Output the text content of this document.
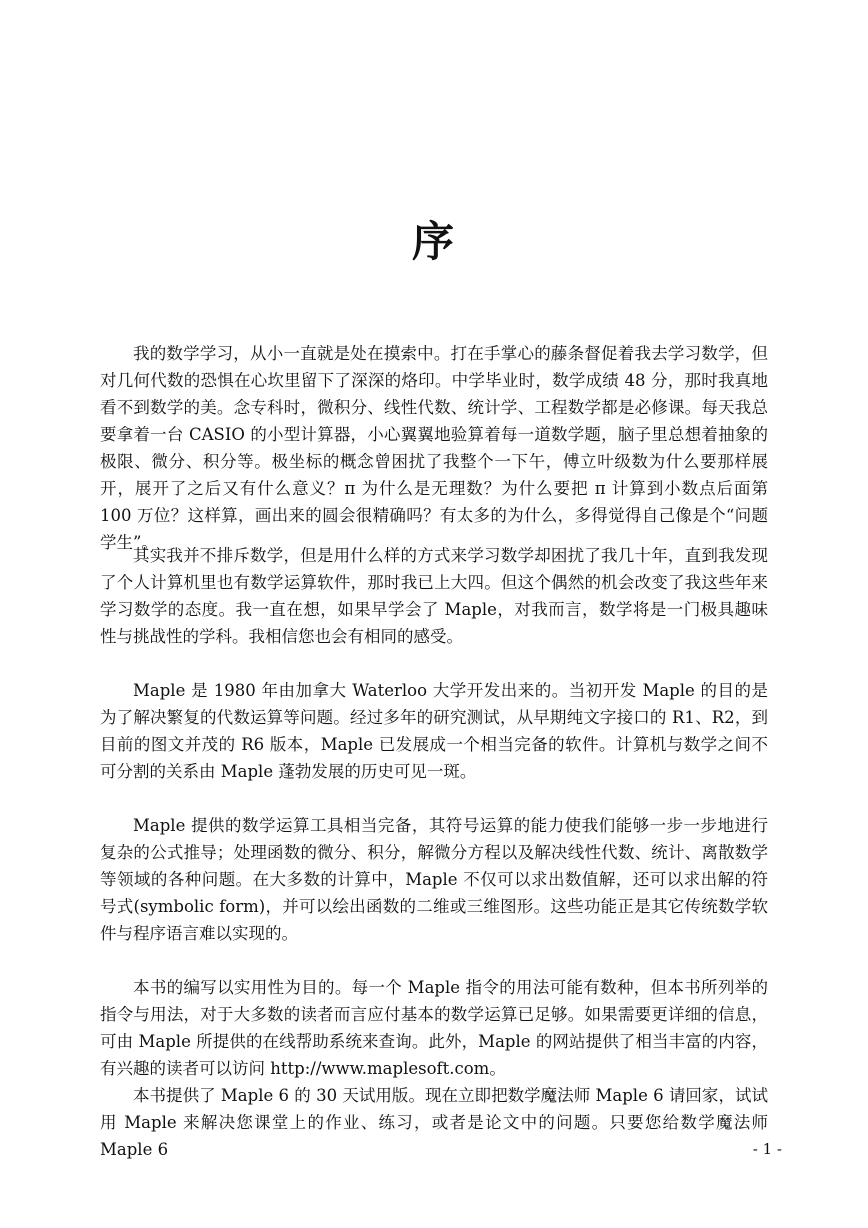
序

我的数学学习，从小一直就是处在摸索中。打在手掌心的藤条督促着我去学习数学，但对几何代数的恐惧在心坎里留下了深深的烙印。中学毕业时，数学成绩 48 分，那时我真地看不到数学的美。念专科时，微积分、线性代数、统计学、工程数学都是必修课。每天我总要拿着一台 CASIO 的小型计算器，小心翼翼地验算着每一道数学题，脑子里总想着抽象的极限、微分、积分等。极坐标的概念曾困扰了我整个一下午，傅立叶级数为什么要那样展开，展开了之后又有什么意义？π 为什么是无理数？为什么要把 π 计算到小数点后面第 100 万位？这样算，画出来的圆会很精确吗？有太多的为什么，多得觉得自己像是个“问题学生”。

其实我并不排斥数学，但是用什么样的方式来学习数学却困扰了我几十年，直到我发现了个人计算机里也有数学运算软件，那时我已上大四。但这个偶然的机会改变了我这些年来学习数学的态度。我一直在想，如果早学会了 Maple，对我而言，数学将是一门极具趣味性与挑战性的学科。我相信您也会有相同的感受。

Maple 是 1980 年由加拿大 Waterloo 大学开发出来的。当初开发 Maple 的目的是为了解决繁复的代数运算等问题。经过多年的研究测试，从早期纯文字接口的 R1、R2，到目前的图文并茂的 R6 版本，Maple 已发展成一个相当完备的软件。计算机与数学之间不可分割的关系由 Maple 蓬勃发展的历史可见一斑。

Maple 提供的数学运算工具相当完备，其符号运算的能力使我们能够一步一步地进行复杂的公式推导；处理函数的微分、积分，解微分方程以及解决线性代数、统计、离散数学等领域的各种问题。在大多数的计算中，Maple 不仅可以求出数值解，还可以求出解的符号式(symbolic form)，并可以绘出函数的二维或三维图形。这些功能正是其它传统数学软件与程序语言难以实现的。

本书的编写以实用性为目的。每一个 Maple 指令的用法可能有数种，但本书所列举的指令与用法，对于大多数的读者而言应付基本的数学运算已足够。如果需要更详细的信息，可由 Maple 所提供的在线帮助系统来查询。此外，Maple 的网站提供了相当丰富的内容，有兴趣的读者可以访问 http://www.maplesoft.com。

本书提供了 Maple 6 的 30 天试用版。现在立即把数学魔法师 Maple 6 请回家，试试用 Maple 来解决您课堂上的作业、练习，或者是论文中的问题。只要您给数学魔法师 Maple 6	- 1 -
